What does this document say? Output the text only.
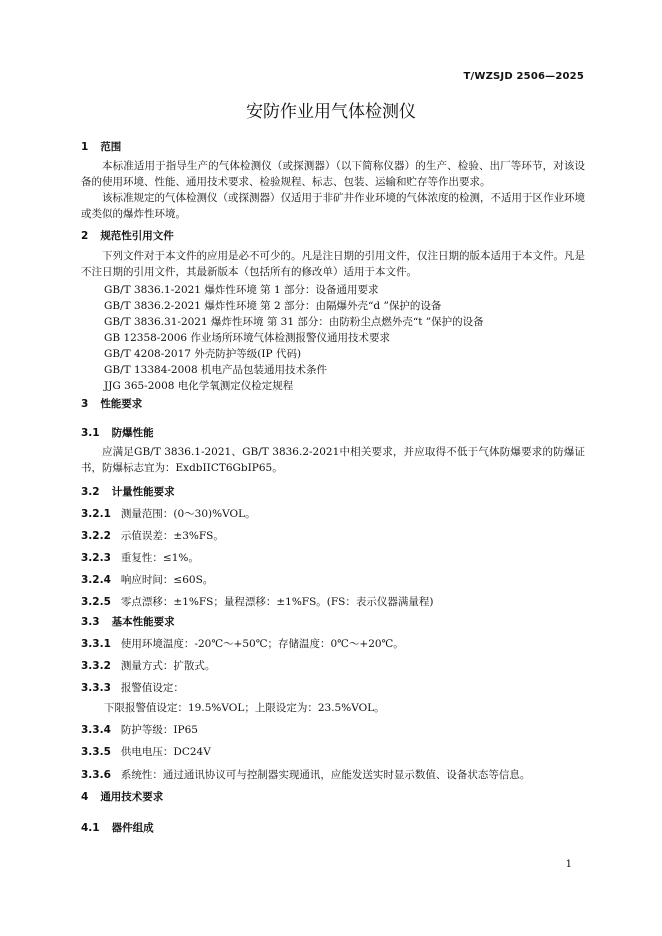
T/WZSJD 2506—2025
安防作业用气体检测仪
1 范围
本标准适用于指导生产的气体检测仪（或探测器）（以下简称仪器）的生产、检验、出厂等环节，对该设备的使用环境、性能、通用技术要求、检验规程、标志、包装、运输和贮存等作出要求。
该标准规定的气体检测仪（或探测器）仅适用于非矿井作业环境的气体浓度的检测，不适用于区作业环境或类似的爆炸性环境。
2 规范性引用文件
下列文件对于本文件的应用是必不可少的。凡是注日期的引用文件，仅注日期的版本适用于本文件。凡是不注日期的引用文件，其最新版本（包括所有的修改单）适用于本文件。
GB/T 3836.1-2021 爆炸性环境 第 1 部分：设备通用要求
GB/T 3836.2-2021 爆炸性环境 第 2 部分：由隔爆外壳“d ”保护的设备
GB/T 3836.31-2021 爆炸性环境 第 31 部分：由防粉尘点燃外壳“t ”保护的设备
GB 12358-2006 作业场所环境气体检测报警仪通用技术要求
GB/T 4208-2017 外壳防护等级(IP 代码)
GB/T 13384-2008 机电产品包装通用技术条件
JJG 365-2008 电化学氧测定仪检定规程
3 性能要求
3.1 防爆性能
应满足GB/T 3836.1-2021、GB/T 3836.2-2021中相关要求，并应取得不低于气体防爆要求的防爆证书，防爆标志宜为：ExdbIICT6GbIP65。
3.2 计量性能要求
3.2.1 测量范围：(0～30)%VOL。
3.2.2 示值误差：±3%FS。
3.2.3 重复性：≤1%。
3.2.4 响应时间：≤60S。
3.2.5 零点漂移：±1%FS；量程漂移：±1%FS。(FS：表示仪器满量程)
3.3 基本性能要求
3.3.1 使用环境温度：-20℃～+50℃；存储温度：0℃～+20℃。
3.3.2 测量方式：扩散式。
3.3.3 报警值设定：
下限报警值设定：19.5%VOL；上限设定为：23.5%VOL。
3.3.4 防护等级：IP65
3.3.5 供电电压：DC24V
3.3.6 系统性：通过通讯协议可与控制器实现通讯，应能发送实时显示数值、设备状态等信息。
4 通用技术要求
4.1 器件组成
1
